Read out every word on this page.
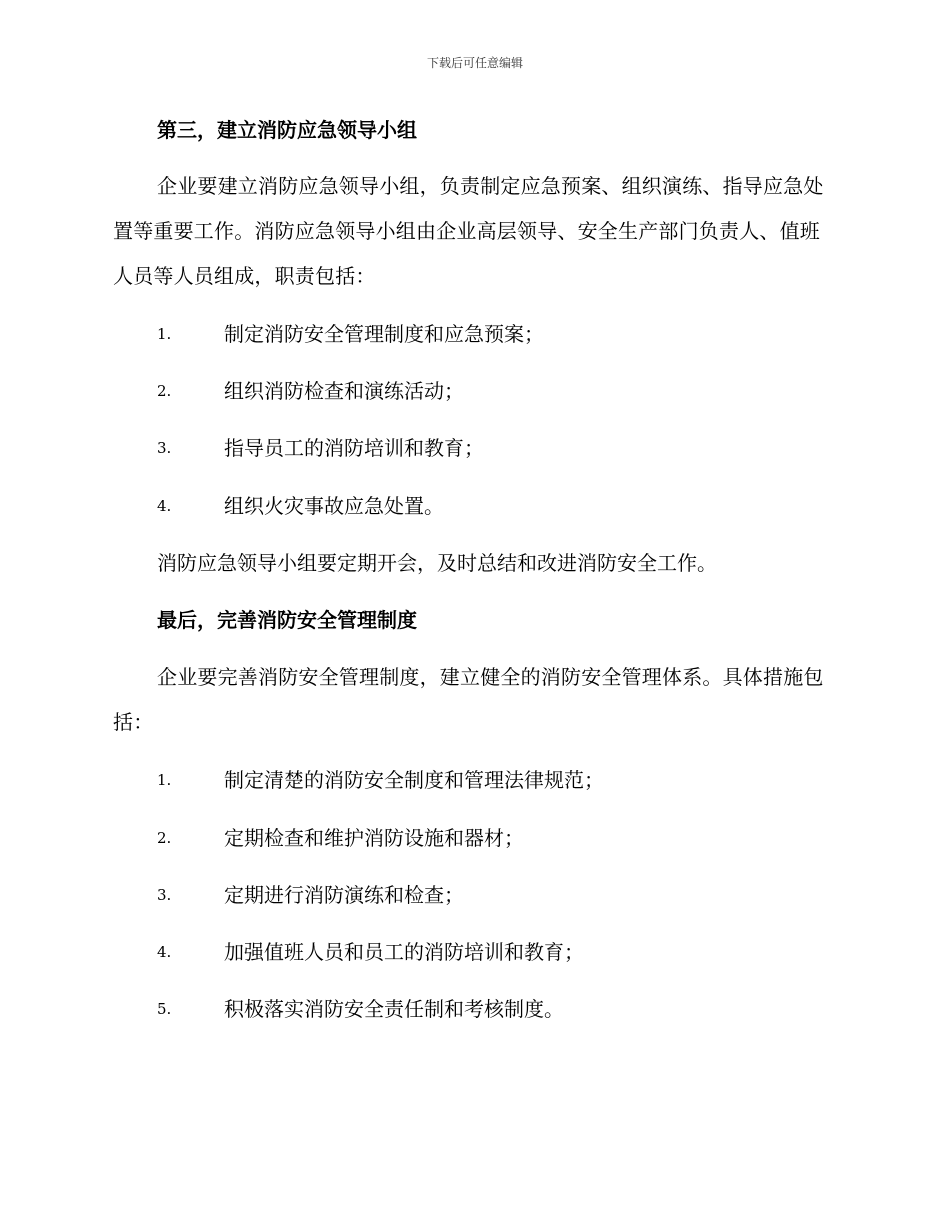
下载后可任意编辑
第三，建立消防应急领导小组
企业要建立消防应急领导小组，负责制定应急预案、组织演练、指导应急处置等重要工作。消防应急领导小组由企业高层领导、安全生产部门负责人、值班人员等人员组成，职责包括：
1.	制定消防安全管理制度和应急预案；
2.	组织消防检查和演练活动；
3.	指导员工的消防培训和教育；
4.	组织火灾事故应急处置。
消防应急领导小组要定期开会，及时总结和改进消防安全工作。
最后，完善消防安全管理制度
企业要完善消防安全管理制度，建立健全的消防安全管理体系。具体措施包括：
1.	制定清楚的消防安全制度和管理法律规范；
2.	定期检查和维护消防设施和器材；
3.	定期进行消防演练和检查；
4.	加强值班人员和员工的消防培训和教育；
5.	积极落实消防安全责任制和考核制度。
